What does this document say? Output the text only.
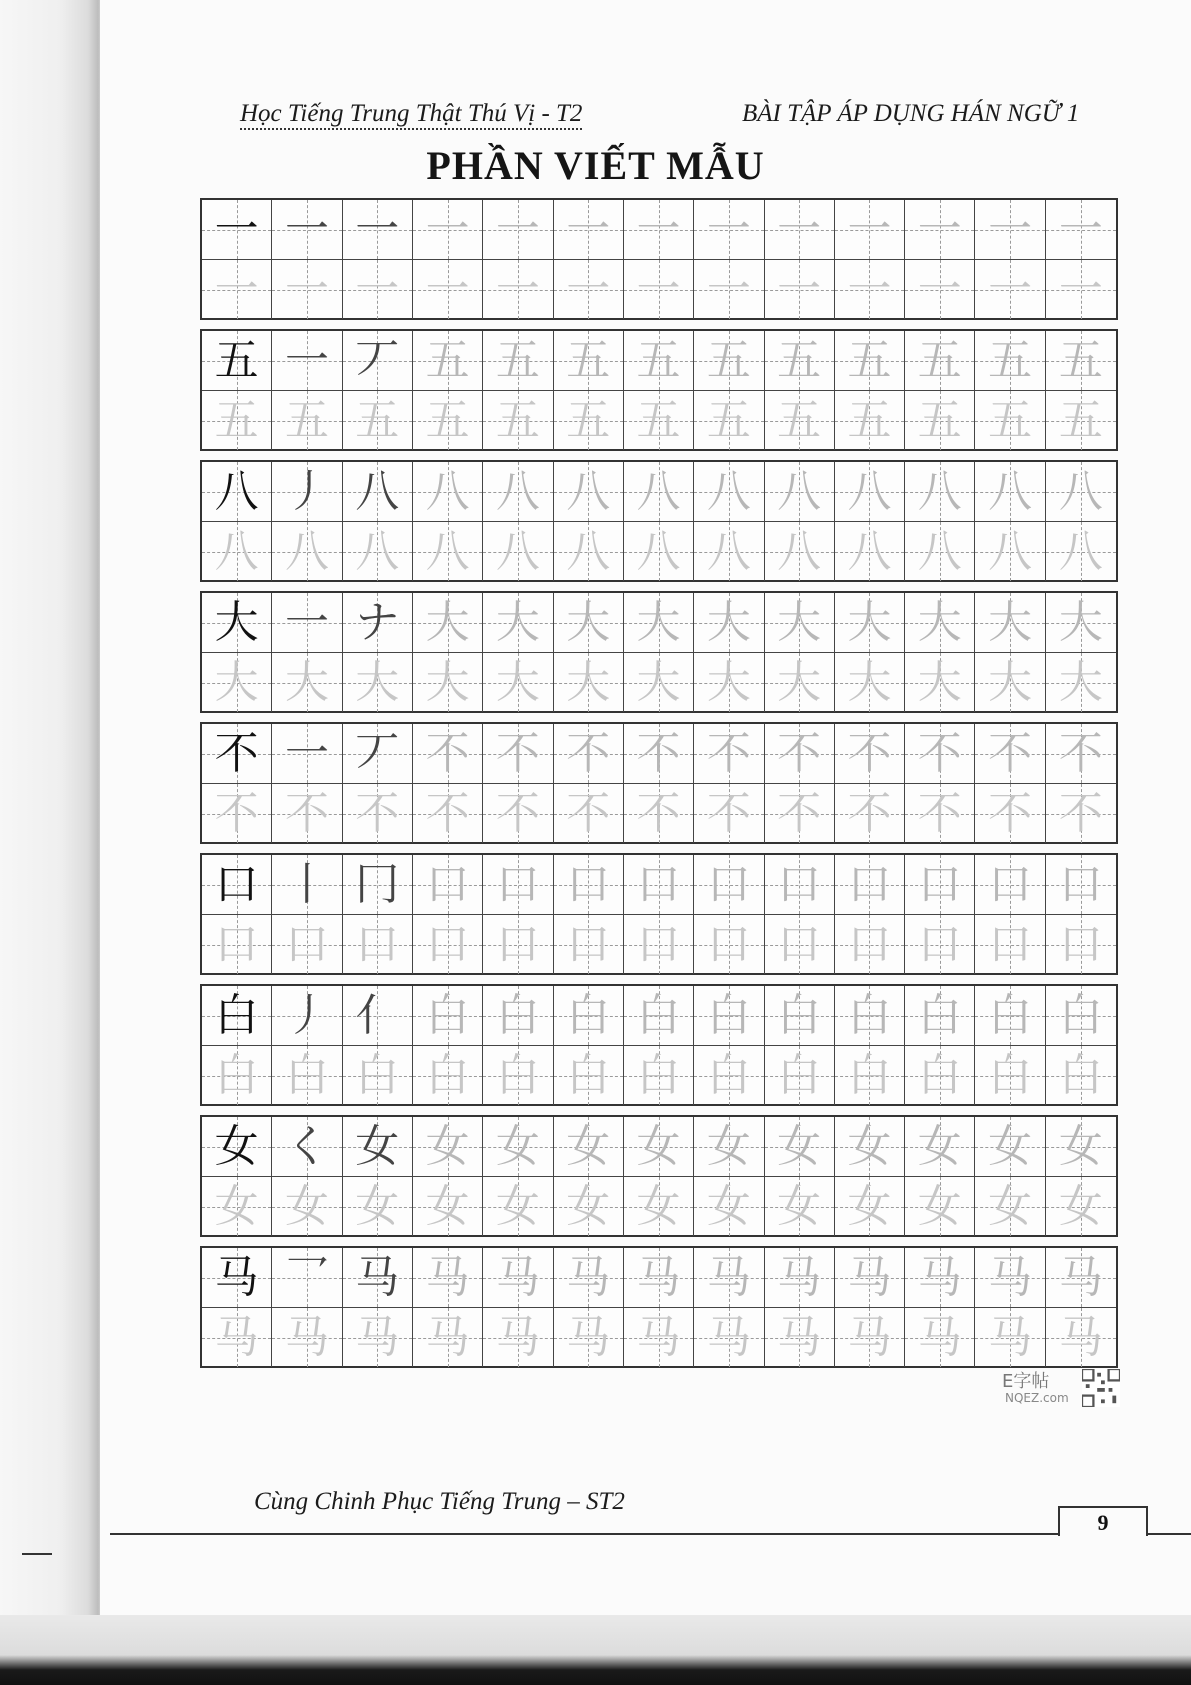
Học Tiếng Trung Thật Thú Vị - T2	BÀI TẬP ÁP DỤNG HÁN NGỮ 1
PHẦN VIẾT MẪU
一 一 一 一 一 一 一 一 一 一 一 一 一
一 一 一 一 一 一 一 一 一 一 一 一 一
五 一 丆 五 五 五 五 五 五 五 五 五 五
五 五 五 五 五 五 五 五 五 五 五 五 五
八 丿 八 八 八 八 八 八 八 八 八 八 八
八 八 八 八 八 八 八 八 八 八 八 八 八
大 一 ナ 大 大 大 大 大 大 大 大 大 大
大 大 大 大 大 大 大 大 大 大 大 大 大
不 一 丆 不 不 不 不 不 不 不 不 不 不
不 不 不 不 不 不 不 不 不 不 不 不 不
口 丨 冂 口 口 口 口 口 口 口 口 口 口
口 口 口 口 口 口 口 口 口 口 口 口 口
白 丿 亻 白 白 白 白 白 白 白 白 白 白
白 白 白 白 白 白 白 白 白 白 白 白 白
女 く 女 女 女 女 女 女 女 女 女 女 女
女 女 女 女 女 女 女 女 女 女 女 女 女
马 乛 马 马 马 马 马 马 马 马 马 马 马
马 马 马 马 马 马 马 马 马 马 马 马 马
E字帖
NQEZ.com
Cùng Chinh Phục Tiếng Trung – ST2
9
